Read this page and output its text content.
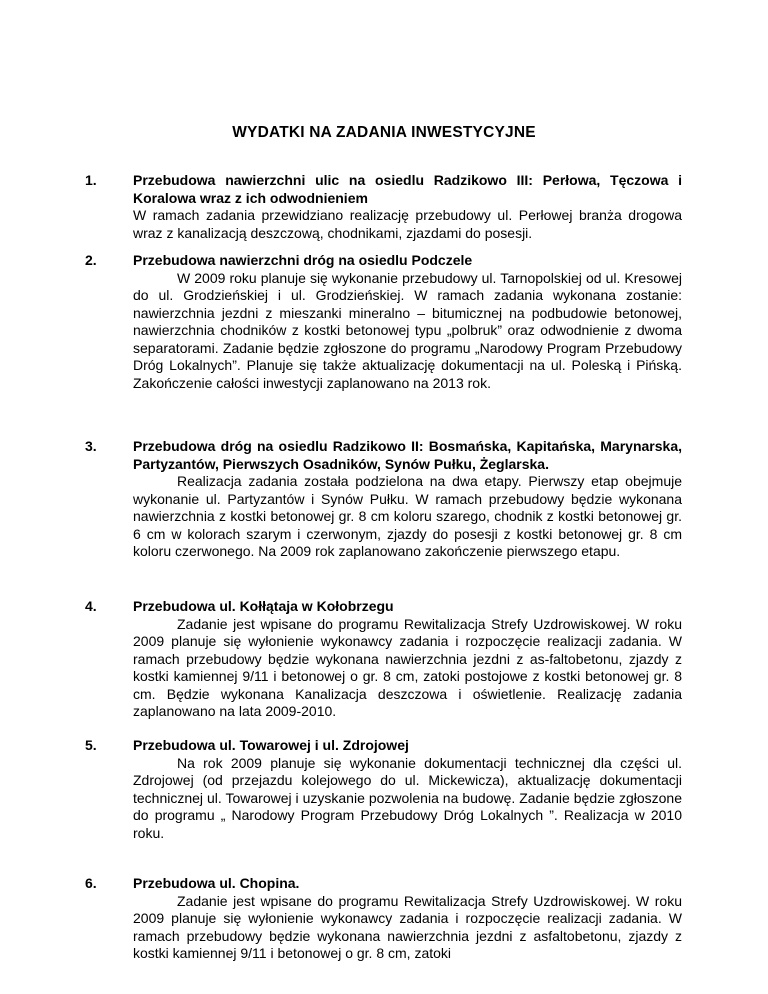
WYDATKI NA ZADANIA INWESTYCYJNE
1.	Przebudowa nawierzchni ulic na osiedlu Radzikowo III: Perłowa, Tęczowa i Koralowa wraz z ich odwodnieniem
W ramach zadania przewidziano realizację przebudowy ul. Perłowej branża drogowa wraz z kanalizacją deszczową, chodnikami, zjazdami do posesji.
2.	Przebudowa nawierzchni dróg na osiedlu Podczele
W 2009 roku planuje się wykonanie przebudowy ul. Tarnopolskiej od ul. Kresowej do ul. Grodzieńskiej i ul. Grodzieńskiej. W ramach zadania wykonana zostanie: nawierzchnia jezdni z mieszanki mineralno – bitumicznej na podbudowie betonowej, nawierzchnia chodników z kostki betonowej typu „polbruk” oraz odwodnienie z dwoma separatorami. Zadanie będzie zgłoszone do programu „Narodowy Program Przebudowy Dróg Lokalnych”. Planuje się także aktualizację dokumentacji na ul. Poleską i Pińską. Zakończenie całości inwestycji zaplanowano na 2013 rok.
3.	Przebudowa dróg na osiedlu Radzikowo II: Bosmańska, Kapitańska, Marynarska, Partyzantów, Pierwszych Osadników, Synów Pułku, Żeglarska.
Realizacja zadania została podzielona na dwa etapy. Pierwszy etap obejmuje wykonanie ul. Partyzantów i Synów Pułku. W ramach przebudowy będzie wykonana nawierzchnia z kostki betonowej gr. 8 cm koloru szarego, chodnik z kostki betonowej gr. 6 cm w kolorach szarym i czerwonym, zjazdy do posesji z kostki betonowej gr. 8 cm koloru czerwonego. Na 2009 rok zaplanowano zakończenie pierwszego etapu.
4.	Przebudowa ul. Kołłątaja w Kołobrzegu
Zadanie jest wpisane do programu Rewitalizacja Strefy Uzdrowiskowej. W roku 2009 planuje się wyłonienie wykonawcy zadania i rozpoczęcie realizacji zadania. W ramach przebudowy będzie wykonana nawierzchnia jezdni z as-faltobetonu, zjazdy z kostki kamiennej 9/11 i betonowej o gr. 8 cm, zatoki postojowe z kostki betonowej gr. 8 cm. Będzie wykonana Kanalizacja deszczowa i oświetlenie. Realizację zadania zaplanowano na lata 2009-2010.
5.	Przebudowa ul. Towarowej i ul. Zdrojowej
Na rok 2009 planuje się wykonanie dokumentacji technicznej dla części ul. Zdrojowej (od przejazdu kolejowego do ul. Mickewicza), aktualizację dokumentacji technicznej ul. Towarowej i uzyskanie pozwolenia na budowę. Zadanie będzie zgłoszone do programu „ Narodowy Program Przebudowy Dróg Lokalnych ”. Realizacja w 2010 roku.
6.	Przebudowa ul. Chopina.
Zadanie jest wpisane do programu Rewitalizacja Strefy Uzdrowiskowej. W roku 2009 planuje się wyłonienie wykonawcy zadania i rozpoczęcie realizacji zadania. W ramach przebudowy będzie wykonana nawierzchnia jezdni z asfaltobetonu, zjazdy z kostki kamiennej 9/11 i betonowej o gr. 8 cm, zatoki
